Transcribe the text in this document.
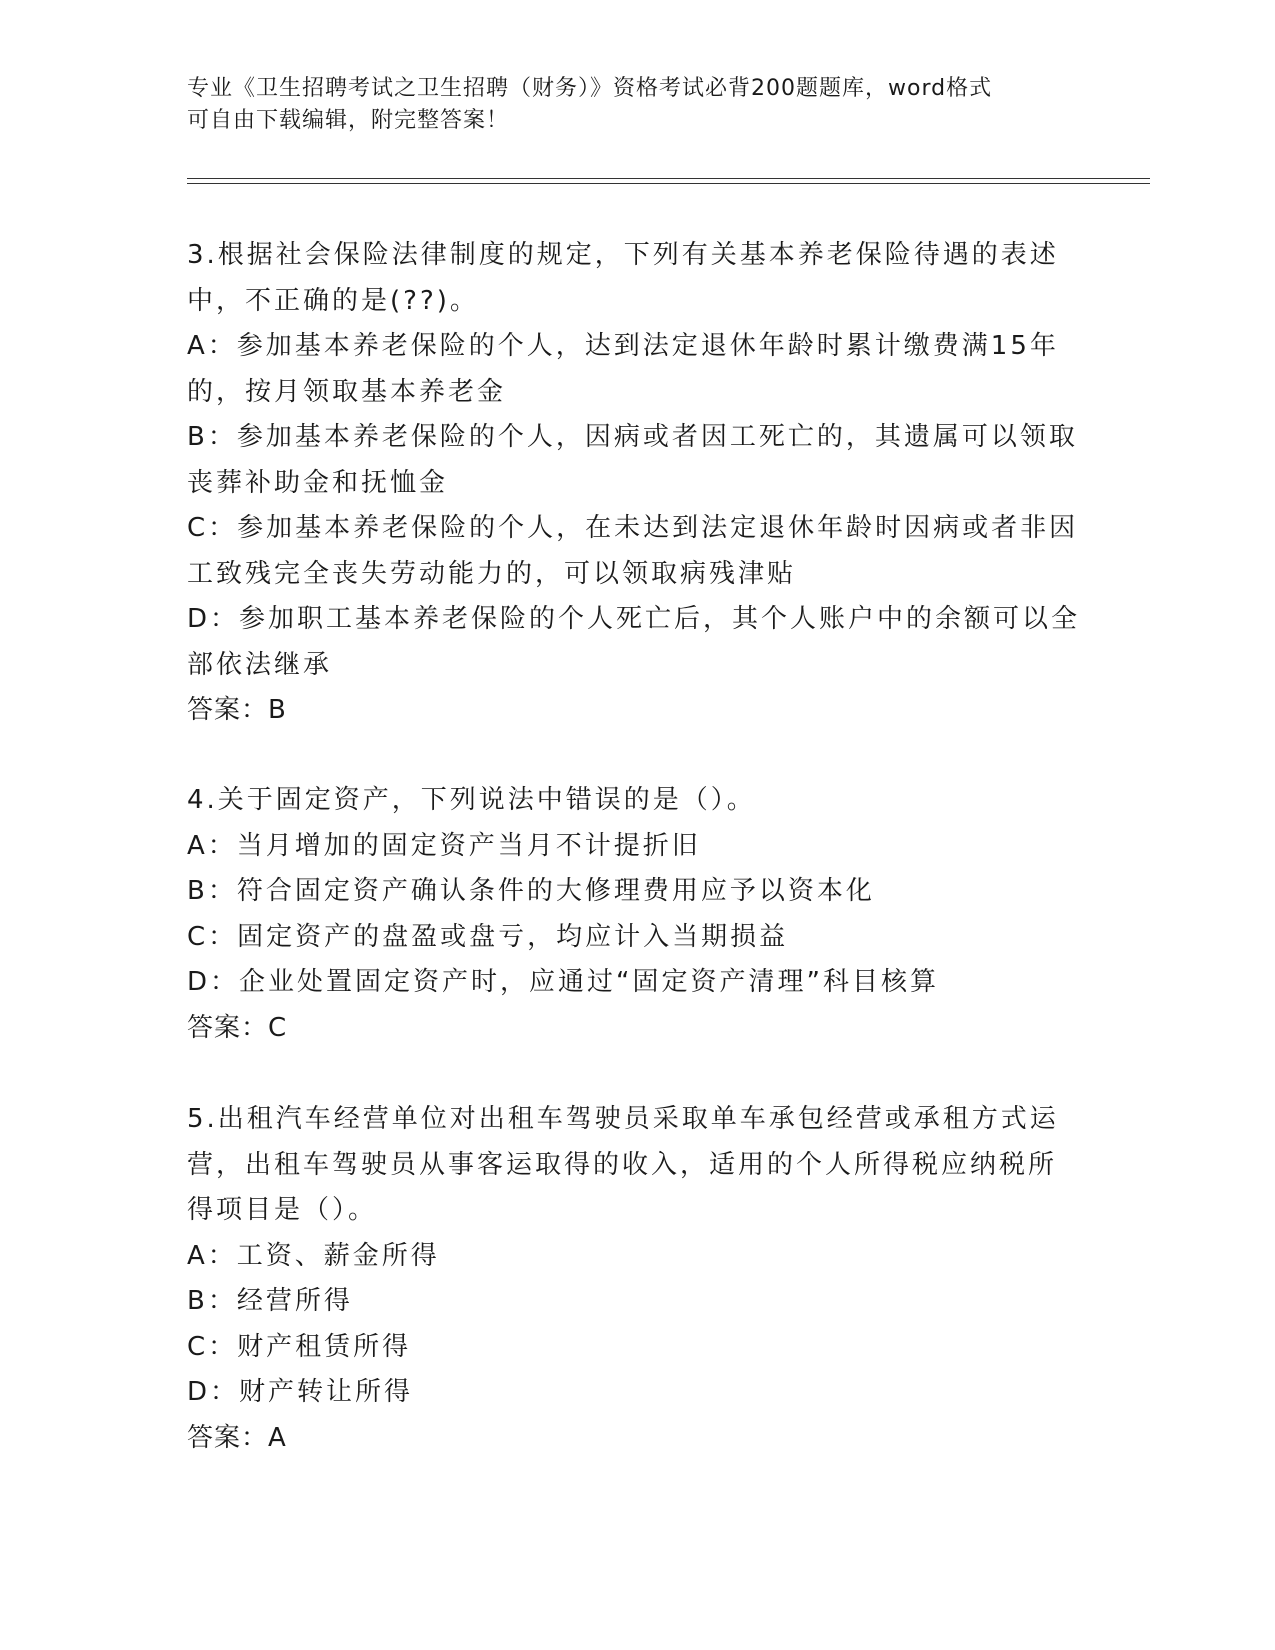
专业《卫生招聘考试之卫生招聘（财务）》资格考试必背200题题库，word格式
可自由下载编辑，附完整答案！
3.根据社会保险法律制度的规定，下列有关基本养老保险待遇的表述
中，不正确的是(??)。
A：参加基本养老保险的个人，达到法定退休年龄时累计缴费满15年
的，按月领取基本养老金
B：参加基本养老保险的个人，因病或者因工死亡的，其遗属可以领取
丧葬补助金和抚恤金
C：参加基本养老保险的个人，在未达到法定退休年龄时因病或者非因
工致残完全丧失劳动能力的，可以领取病残津贴
D：参加职工基本养老保险的个人死亡后，其个人账户中的余额可以全
部依法继承
答案：B
4.关于固定资产，下列说法中错误的是（）。
A：当月增加的固定资产当月不计提折旧
B：符合固定资产确认条件的大修理费用应予以资本化
C：固定资产的盘盈或盘亏，均应计入当期损益
D：企业处置固定资产时，应通过“固定资产清理”科目核算
答案：C
5.出租汽车经营单位对出租车驾驶员采取单车承包经营或承租方式运
营，出租车驾驶员从事客运取得的收入，适用的个人所得税应纳税所
得项目是（）。
A：工资、薪金所得
B：经营所得
C：财产租赁所得
D：财产转让所得
答案：A
